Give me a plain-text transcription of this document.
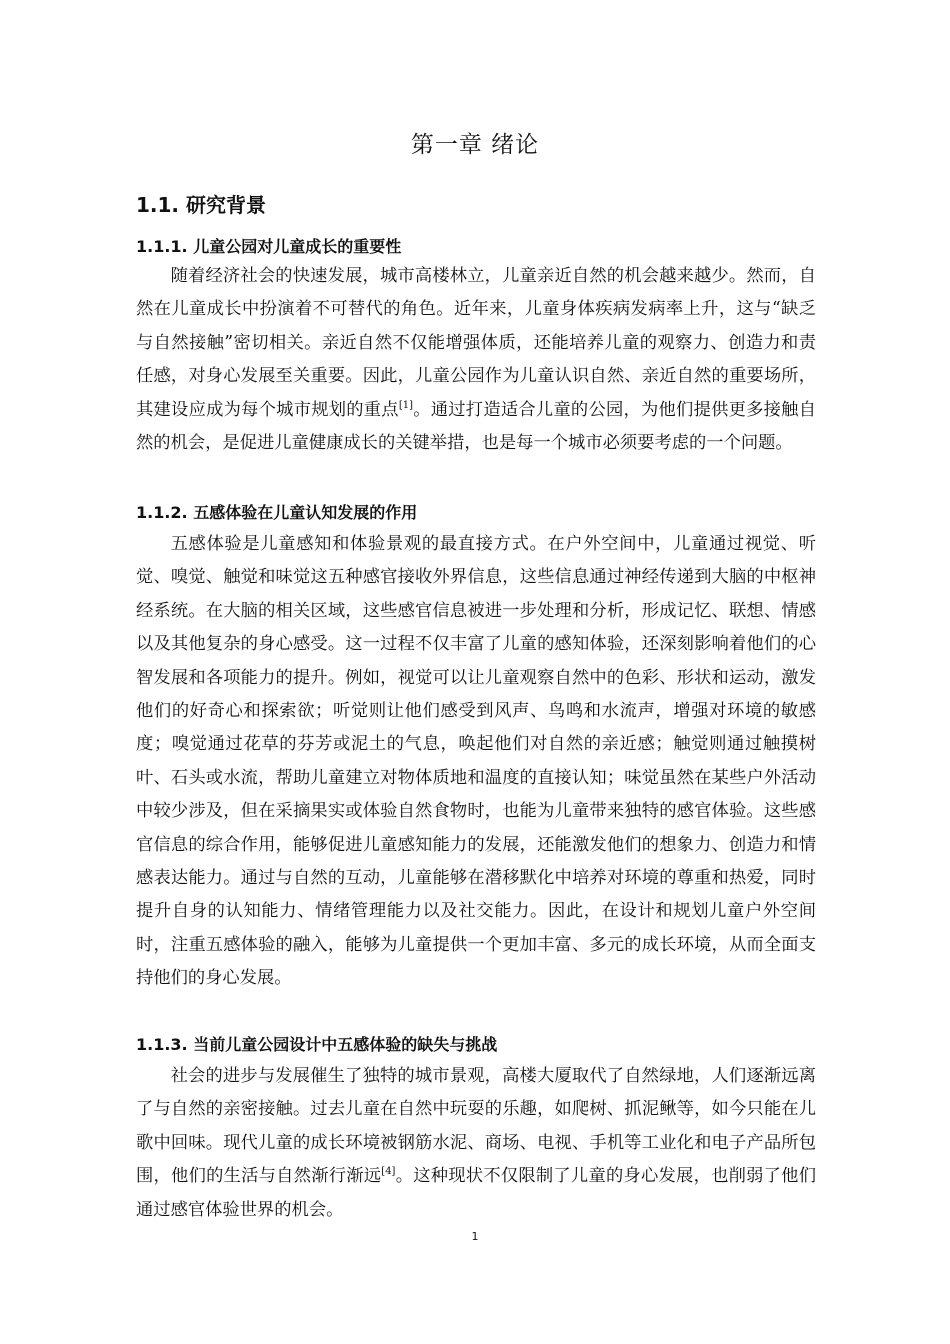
第一章 绪论
1.1. 研究背景
1.1.1. 儿童公园对儿童成长的重要性

随着经济社会的快速发展，城市高楼林立，儿童亲近自然的机会越来越少。然而，自然在儿童成长中扮演着不可替代的角色。近年来，儿童身体疾病发病率上升，这与“缺乏与自然接触”密切相关。亲近自然不仅能增强体质，还能培养儿童的观察力、创造力和责任感，对身心发展至关重要。因此，儿童公园作为儿童认识自然、亲近自然的重要场所，其建设应成为每个城市规划的重点[1]。通过打造适合儿童的公园，为他们提供更多接触自然的机会，是促进儿童健康成长的关键举措，也是每一个城市必须要考虑的一个问题。

1.1.2. 五感体验在儿童认知发展的作用

五感体验是儿童感知和体验景观的最直接方式。在户外空间中，儿童通过视觉、听觉、嗅觉、触觉和味觉这五种感官接收外界信息，这些信息通过神经传递到大脑的中枢神经系统。在大脑的相关区域，这些感官信息被进一步处理和分析，形成记忆、联想、情感以及其他复杂的身心感受。这一过程不仅丰富了儿童的感知体验，还深刻影响着他们的心智发展和各项能力的提升。例如，视觉可以让儿童观察自然中的色彩、形状和运动，激发他们的好奇心和探索欲；听觉则让他们感受到风声、鸟鸣和水流声，增强对环境的敏感度；嗅觉通过花草的芬芳或泥土的气息，唤起他们对自然的亲近感；触觉则通过触摸树叶、石头或水流，帮助儿童建立对物体质地和温度的直接认知；味觉虽然在某些户外活动中较少涉及，但在采摘果实或体验自然食物时，也能为儿童带来独特的感官体验。这些感官信息的综合作用，能够促进儿童感知能力的发展，还能激发他们的想象力、创造力和情感表达能力。通过与自然的互动，儿童能够在潜移默化中培养对环境的尊重和热爱，同时提升自身的认知能力、情绪管理能力以及社交能力。因此，在设计和规划儿童户外空间时，注重五感体验的融入，能够为儿童提供一个更加丰富、多元的成长环境，从而全面支持他们的身心发展。

1.1.3. 当前儿童公园设计中五感体验的缺失与挑战

社会的进步与发展催生了独特的城市景观，高楼大厦取代了自然绿地，人们逐渐远离了与自然的亲密接触。过去儿童在自然中玩耍的乐趣，如爬树、抓泥鳅等，如今只能在儿歌中回味。现代儿童的成长环境被钢筋水泥、商场、电视、手机等工业化和电子产品所包围，他们的生活与自然渐行渐远[4]。这种现状不仅限制了儿童的身心发展，也削弱了他们通过感官体验世界的机会。

1
